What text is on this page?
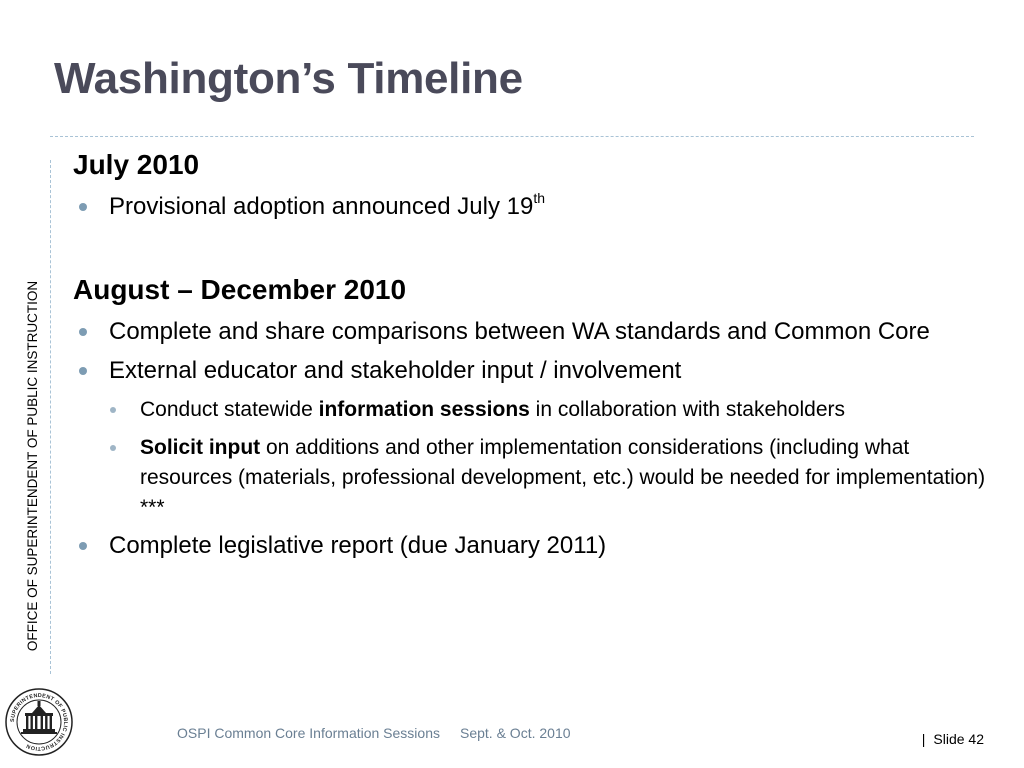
Washington’s Timeline
OFFICE OF SUPERINTENDENT OF PUBLIC INSTRUCTION
July 2010
Provisional adoption announced July 19th
August – December 2010
Complete and share comparisons between WA standards and Common Core
External educator and stakeholder input / involvement
Conduct statewide information sessions in collaboration with stakeholders
Solicit input on additions and other implementation considerations (including what resources (materials, professional development, etc.) would be needed for implementation) ***
Complete legislative report (due January 2011)
SUPERINTENDENT OF PUBLIC INSTRUCTION
OSPI Common Core Information Sessions Sept. & Oct. 2010	| Slide 42
